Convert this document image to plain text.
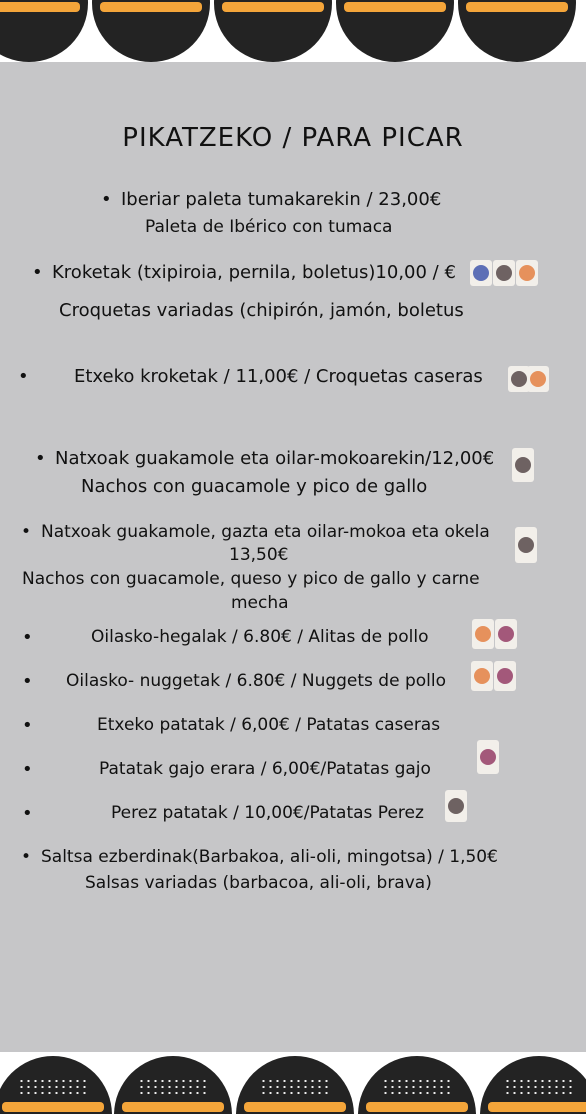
PIKATZEKO / PARA PICAR
• Iberiar paleta tumakarekin / 23,00€
Paleta de Ibérico con tumaca
• Kroketak (txipiroia, pernila, boletus)10,00 / €
Croquetas variadas (chipirón, jamón, boletus
•	Etxeko kroketak / 11,00€ / Croquetas caseras
• Natxoak guakamole eta oilar-mokoarekin/12,00€
Nachos con guacamole y pico de gallo
• Natxoak guakamole, gazta eta oilar-mokoa eta okela
13,50€
Nachos con guacamole, queso y pico de gallo y carne
mecha
•	Oilasko-hegalak / 6.80€ / Alitas de pollo
• Oilasko- nuggetak / 6.80€ / Nuggets de pollo
•	Etxeko patatak / 6,00€ / Patatas caseras
•	Patatak gajo erara / 6,00€/Patatas gajo
•	Perez patatak / 10,00€/Patatas Perez
• Saltsa ezberdinak(Barbakoa, ali-oli, mingotsa) / 1,50€
Salsas variadas (barbacoa, ali-oli, brava)
